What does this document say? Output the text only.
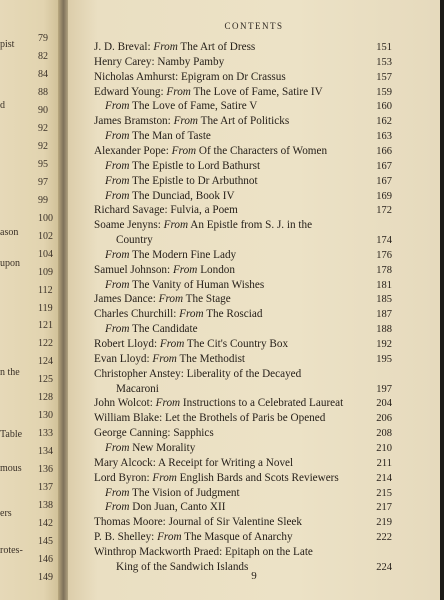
pist
d
ason
upon
n the
Table
mous
ers
rotes-
79
82
84
88
90
92
92
95
97
99
100
102
104
109
112
119
121
122
124
125
128
130
133
134
136
137
138
142
145
146
149
CONTENTS
J. D. Breval: From The Art of Dress	151
Henry Carey: Namby Pamby	153
Nicholas Amhurst: Epigram on Dr Crassus	157
Edward Young: From The Love of Fame, Satire IV	159
From The Love of Fame, Satire V	160
James Bramston: From The Art of Politicks	162
From The Man of Taste	163
Alexander Pope: From Of the Characters of Women	166
From The Epistle to Lord Bathurst	167
From The Epistle to Dr Arbuthnot	167
From The Dunciad, Book IV	169
Richard Savage: Fulvia, a Poem	172
Soame Jenyns: From An Epistle from S. J. in the
Country	174
From The Modern Fine Lady	176
Samuel Johnson: From London	178
From The Vanity of Human Wishes	181
James Dance: From The Stage	185
Charles Churchill: From The Rosciad	187
From The Candidate	188
Robert Lloyd: From The Cit's Country Box	192
Evan Lloyd: From The Methodist	195
Christopher Anstey: Liberality of the Decayed
Macaroni	197
John Wolcot: From Instructions to a Celebrated Laureat	204
William Blake: Let the Brothels of Paris be Opened	206
George Canning: Sapphics	208
From New Morality	210
Mary Alcock: A Receipt for Writing a Novel	211
Lord Byron: From English Bards and Scots Reviewers	214
From The Vision of Judgment	215
From Don Juan, Canto XII	217
Thomas Moore: Journal of Sir Valentine Sleek	219
P. B. Shelley: From The Masque of Anarchy	222
Winthrop Mackworth Praed: Epitaph on the Late
King of the Sandwich Islands	224
9
